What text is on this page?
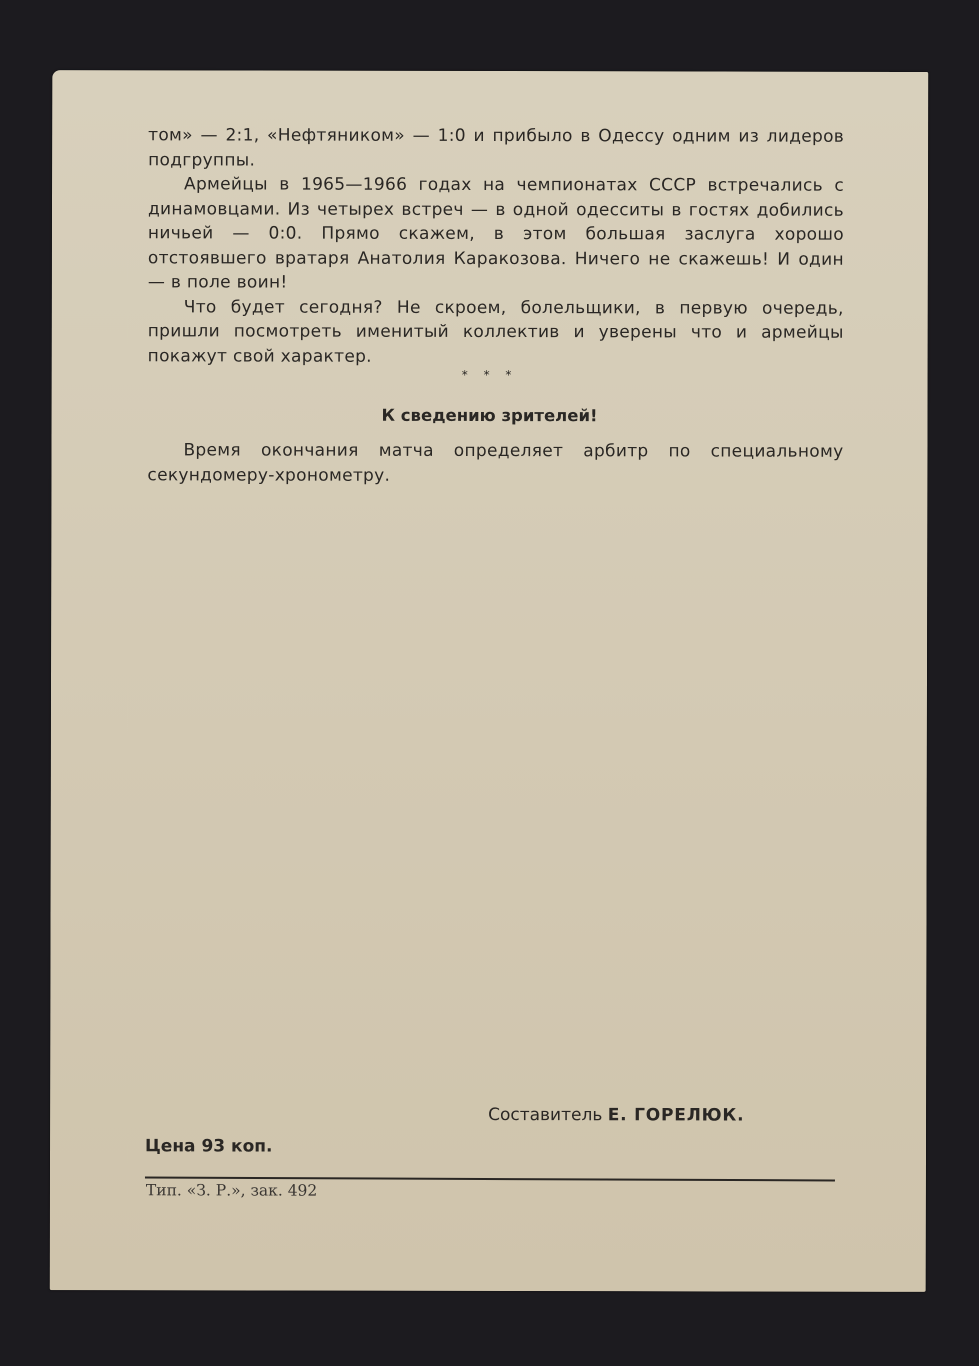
том» — 2:1, «Нефтяником» — 1:0 и прибыло в Одессу одним из лидеров подгруппы.

Армейцы в 1965—1966 годах на чемпионатах СССР встречались с динамовцами. Из четырех встреч — в одной одесситы в гостях добились ничьей — 0:0. Прямо скажем, в этом большая заслуга хорошо отстоявшего вратаря Анатолия Каракозова. Ничего не скажешь! И один — в поле воин!

Что будет сегодня? Не скроем, болельщики, в первую очередь, пришли посмотреть именитый коллектив и уверены что и армейцы покажут свой характер.

* * *
К сведению зрителей!

Время окончания матча определяет арбитр по специальному секундомеру-хронометру.

Составитель Е. ГОРЕЛЮК.
Цена 93 коп.
Тип. «З. Р.», зак. 492
